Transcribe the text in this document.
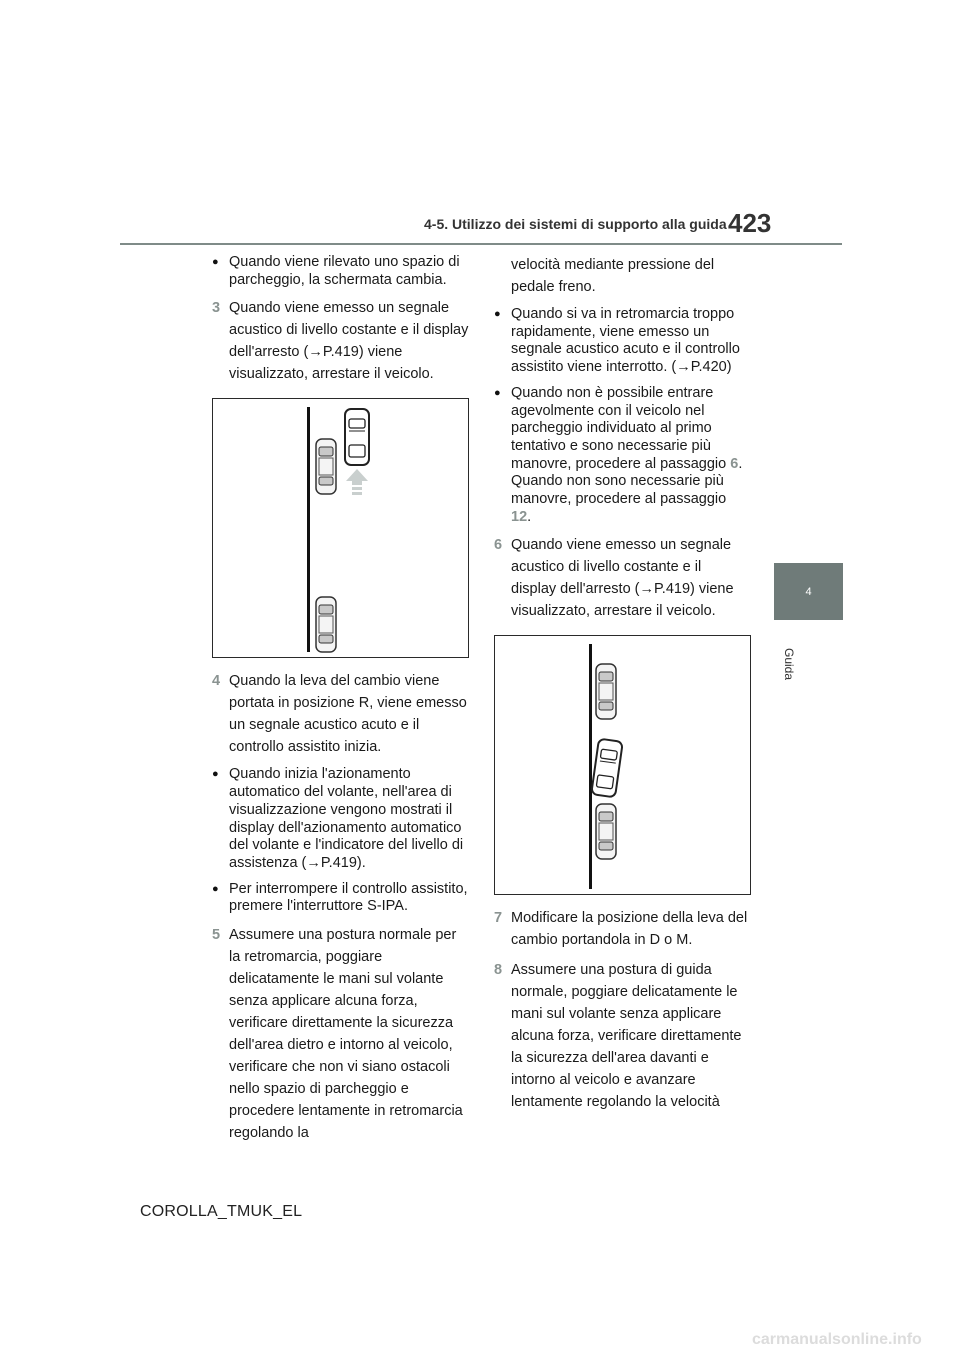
4-5. Utilizzo dei sistemi di supporto alla guida 423
4
Guida
● Quando viene rilevato uno spazio di parcheggio, la schermata cambia.
3 Quando viene emesso un segnale acustico di livello costante e il display dell'arresto (→P.419) viene visualizzato, arrestare il veicolo.
4 Quando la leva del cambio viene portata in posizione R, viene emesso un segnale acustico acuto e il controllo assistito inizia.
● Quando inizia l'azionamento automatico del volante, nell'area di visualizzazione vengono mostrati il display dell'azionamento automatico del volante e l'indicatore del livello di assistenza (→P.419).
● Per interrompere il controllo assistito, premere l'interruttore S-IPA.
5 Assumere una postura normale per la retromarcia, poggiare delicatamente le mani sul volante senza applicare alcuna forza, verificare direttamente la sicurezza dell'area dietro e intorno al veicolo, verificare che non vi siano ostacoli nello spazio di parcheggio e procedere lentamente in retromarcia regolando la
velocità mediante pressione del pedale freno.
● Quando si va in retromarcia troppo rapidamente, viene emesso un segnale acustico acuto e il controllo assistito viene interrotto. (→P.420)
● Quando non è possibile entrare agevolmente con il veicolo nel parcheggio individuato al primo tentativo e sono necessarie più manovre, procedere al passaggio 6.
Quando non sono necessarie più manovre, procedere al passaggio 12.
6 Quando viene emesso un segnale acustico di livello costante e il display dell'arresto (→P.419) viene visualizzato, arrestare il veicolo.
7 Modificare la posizione della leva del cambio portandola in D o M.
8 Assumere una postura di guida normale, poggiare delicatamente le mani sul volante senza applicare alcuna forza, verificare direttamente la sicurezza dell'area davanti e intorno al veicolo e avanzare lentamente regolando la velocità
COROLLA_TMUK_EL
carmanualsonline.info
